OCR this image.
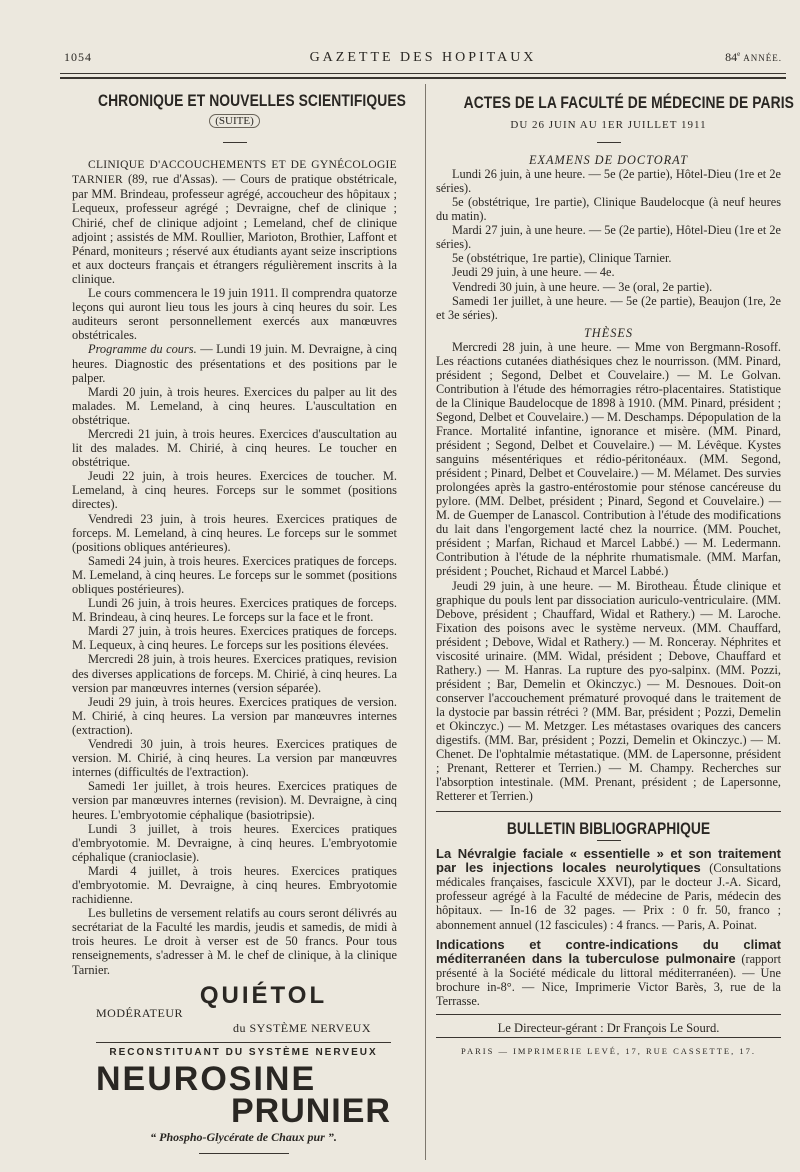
1054	GAZETTE DES HOPITAUX	84e ANNÉE.
CHRONIQUE ET NOUVELLES SCIENTIFIQUES
(SUITE)

CLINIQUE D'ACCOUCHEMENTS ET DE GYNÉCOLOGIE TARNIER (89, rue d'Assas). — Cours de pratique obstétricale, par MM. Brindeau, professeur agrégé, accoucheur des hôpitaux ; Lequeux, professeur agrégé ; Devraigne, chef de clinique ; Chirié, chef de clinique adjoint ; Lemeland, chef de clinique adjoint ; assistés de MM. Roullier, Marioton, Brothier, Laffont et Pénard, moniteurs ; réservé aux étudiants ayant seize inscriptions et aux docteurs français et étrangers régulièrement inscrits à la clinique.

Le cours commencera le 19 juin 1911. Il comprendra quatorze leçons qui auront lieu tous les jours à cinq heures du soir. Les auditeurs seront personnellement exercés aux manœuvres obstétricales.

Programme du cours. — Lundi 19 juin. M. Devraigne, à cinq heures. Diagnostic des présentations et des positions par le palper.

Mardi 20 juin, à trois heures. Exercices du palper au lit des malades. M. Lemeland, à cinq heures. L'auscultation en obstétrique.

Mercredi 21 juin, à trois heures. Exercices d'auscultation au lit des malades. M. Chirié, à cinq heures. Le toucher en obstétrique.

Jeudi 22 juin, à trois heures. Exercices de toucher. M. Lemeland, à cinq heures. Forceps sur le sommet (positions directes).

Vendredi 23 juin, à trois heures. Exercices pratiques de forceps. M. Lemeland, à cinq heures. Le forceps sur le sommet (positions obliques antérieures).

Samedi 24 juin, à trois heures. Exercices pratiques de forceps. M. Lemeland, à cinq heures. Le forceps sur le sommet (positions obliques postérieures).

Lundi 26 juin, à trois heures. Exercices pratiques de forceps. M. Brindeau, à cinq heures. Le forceps sur la face et le front.

Mardi 27 juin, à trois heures. Exercices pratiques de forceps. M. Lequeux, à cinq heures. Le forceps sur les positions élevées.

Mercredi 28 juin, à trois heures. Exercices pratiques, revision des diverses applications de forceps. M. Chirié, à cinq heures. La version par manœuvres internes (version séparée).

Jeudi 29 juin, à trois heures. Exercices pratiques de version. M. Chirié, à cinq heures. La version par manœuvres internes (extraction).

Vendredi 30 juin, à trois heures. Exercices pratiques de version. M. Chirié, à cinq heures. La version par manœuvres internes (difficultés de l'extraction).

Samedi 1er juillet, à trois heures. Exercices pratiques de version par manœuvres internes (revision). M. Devraigne, à cinq heures. L'embryotomie céphalique (basiotripsie).

Lundi 3 juillet, à trois heures. Exercices pratiques d'embryotomie. M. Devraigne, à cinq heures. L'embryotomie céphalique (cranioclasie).

Mardi 4 juillet, à trois heures. Exercices pratiques d'embryotomie. M. Devraigne, à cinq heures. Embryotomie rachidienne.

Les bulletins de versement relatifs au cours seront délivrés au secrétariat de la Faculté les mardis, jeudis et samedis, de midi à trois heures. Le droit à verser est de 50 francs. Pour tous renseignements, s'adresser à M. le chef de clinique, à la clinique Tarnier.

QUIÉTOL
MODÉRATEUR
du SYSTÈME NERVEUX
RECONSTITUANT DU SYSTÈME NERVEUX
NEUROSINE
PRUNIER
“ Phospho-Glycérate de Chaux pur ”.
ACTES DE LA FACULTÉ DE MÉDECINE DE PARIS
DU 26 JUIN AU 1ER JUILLET 1911
EXAMENS DE DOCTORAT

Lundi 26 juin, à une heure. — 5e (2e partie), Hôtel-Dieu (1re et 2e séries).

5e (obstétrique, 1re partie), Clinique Baudelocque (à neuf heures du matin).

Mardi 27 juin, à une heure. — 5e (2e partie), Hôtel-Dieu (1re et 2e séries).

5e (obstétrique, 1re partie), Clinique Tarnier.

Jeudi 29 juin, à une heure. — 4e.

Vendredi 30 juin, à une heure. — 3e (oral, 2e partie).

Samedi 1er juillet, à une heure. — 5e (2e partie), Beaujon (1re, 2e et 3e séries).

THÈSES

Mercredi 28 juin, à une heure. — Mme von Bergmann-Rosoff. Les réactions cutanées diathésiques chez le nourrisson. (MM. Pinard, président ; Segond, Delbet et Couvelaire.) — M. Le Golvan. Contribution à l'étude des hémorragies rétro-placentaires. Statistique de la Clinique Baudelocque de 1898 à 1910. (MM. Pinard, président ; Segond, Delbet et Couvelaire.) — M. Deschamps. Dépopulation de la France. Mortalité infantine, ignorance et misère. (MM. Pinard, président ; Segond, Delbet et Couvelaire.) — M. Lévêque. Kystes sanguins mésentériques et rédio-péritonéaux. (MM. Segond, président ; Pinard, Delbet et Couvelaire.) — M. Mélamet. Des survies prolongées après la gastro-entérostomie pour sténose cancéreuse du pylore. (MM. Delbet, président ; Pinard, Segond et Couvelaire.) — M. de Guemper de Lanascol. Contribution à l'étude des modifications du lait dans l'engorgement lacté chez la nourrice. (MM. Pouchet, président ; Marfan, Richaud et Marcel Labbé.) — M. Ledermann. Contribution à l'étude de la néphrite rhumatismale. (MM. Marfan, président ; Pouchet, Richaud et Marcel Labbé.)

Jeudi 29 juin, à une heure. — M. Birotheau. Étude clinique et graphique du pouls lent par dissociation auriculo-ventriculaire. (MM. Debove, président ; Chauffard, Widal et Rathery.) — M. Laroche. Fixation des poisons avec le système nerveux. (MM. Chauffard, président ; Debove, Widal et Rathery.) — M. Ronceray. Néphrites et viscosité urinaire. (MM. Widal, président ; Debove, Chauffard et Rathery.) — M. Hanras. La rupture des pyo-salpinx. (MM. Pozzi, président ; Bar, Demelin et Okinczyc.) — M. Desnoues. Doit-on conserver l'accouchement prématuré provoqué dans le traitement de la dystocie par bassin rétréci ? (MM. Bar, président ; Pozzi, Demelin et Okinczyc.) — M. Metzger. Les métastases ovariques des cancers digestifs. (MM. Bar, président ; Pozzi, Demelin et Okinczyc.) — M. Chenet. De l'ophtalmie métastatique. (MM. de Lapersonne, président ; Prenant, Retterer et Terrien.) — M. Champy. Recherches sur l'absorption intestinale. (MM. Prenant, président ; de Lapersonne, Retterer et Terrien.)

BULLETIN BIBLIOGRAPHIQUE

La Névralgie faciale « essentielle » et son traitement par les injections locales neurolytiques (Consultations médicales françaises, fascicule XXVI), par le docteur J.-A. Sicard, professeur agrégé à la Faculté de médecine de Paris, médecin des hôpitaux. — In-16 de 32 pages. — Prix : 0 fr. 50, franco ; abonnement annuel (12 fascicules) : 4 francs. — Paris, A. Poinat.

Indications et contre-indications du climat méditerranéen dans la tuberculose pulmonaire (rapport présenté à la Société médicale du littoral méditerranéen). — Une brochure in-8°. — Nice, Imprimerie Victor Barès, 3, rue de la Terrasse.

Le Directeur-gérant : Dr François Le Sourd.
PARIS — IMPRIMERIE LEVÉ, 17, RUE CASSETTE, 17.
